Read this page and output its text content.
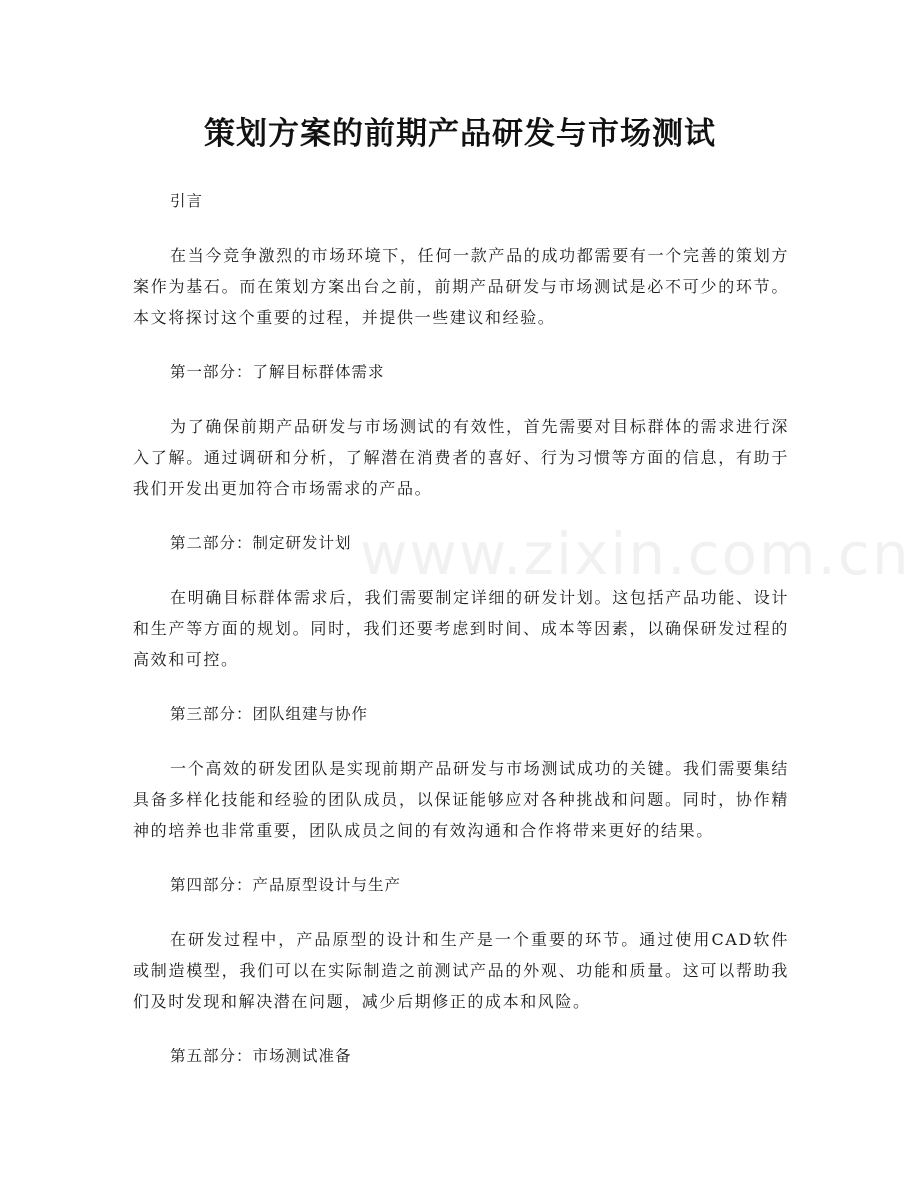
策划方案的前期产品研发与市场测试
www.zixin.com.cn

引言

在当今竞争激烈的市场环境下，任何一款产品的成功都需要有一个完善的策划方案作为基石。而在策划方案出台之前，前期产品研发与市场测试是必不可少的环节。本文将探讨这个重要的过程，并提供一些建议和经验。

第一部分：了解目标群体需求

为了确保前期产品研发与市场测试的有效性，首先需要对目标群体的需求进行深入了解。通过调研和分析，了解潜在消费者的喜好、行为习惯等方面的信息，有助于我们开发出更加符合市场需求的产品。

第二部分：制定研发计划

在明确目标群体需求后，我们需要制定详细的研发计划。这包括产品功能、设计和生产等方面的规划。同时，我们还要考虑到时间、成本等因素，以确保研发过程的高效和可控。

第三部分：团队组建与协作

一个高效的研发团队是实现前期产品研发与市场测试成功的关键。我们需要集结具备多样化技能和经验的团队成员，以保证能够应对各种挑战和问题。同时，协作精神的培养也非常重要，团队成员之间的有效沟通和合作将带来更好的结果。

第四部分：产品原型设计与生产

在研发过程中，产品原型的设计和生产是一个重要的环节。通过使用CAD软件或制造模型，我们可以在实际制造之前测试产品的外观、功能和质量。这可以帮助我们及时发现和解决潜在问题，减少后期修正的成本和风险。

第五部分：市场测试准备
